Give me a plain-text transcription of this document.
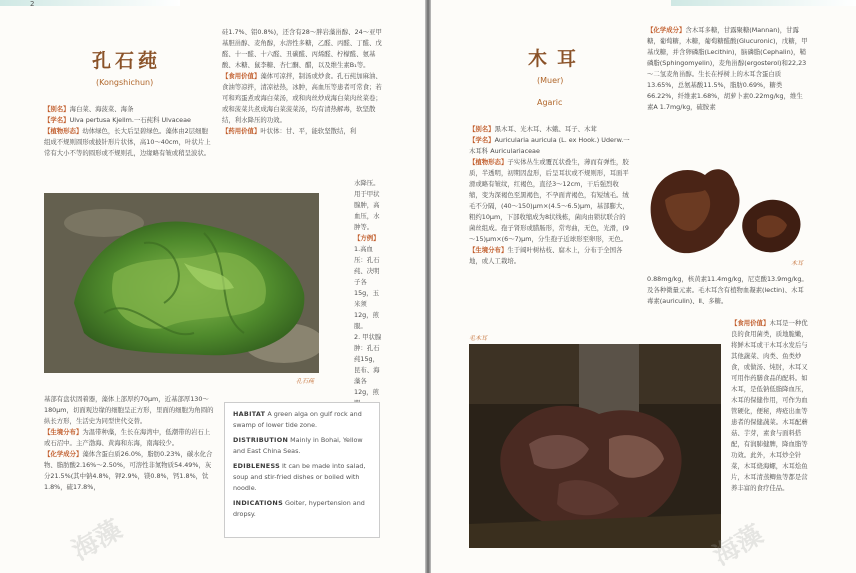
2
孔石莼
(Kongshichun)

【别名】海白菜、海菠菜、海条

【学名】Ulva pertusa Kjellm.一石莼科 Ulvaceae

【植物形态】幼体绿色，长大后呈碧绿色。藻体由2层细胞组成不规则圆形或披针形片状体，高10～40cm，叶状片上常有大小不等的圆形或不规则孔，边缘略有皱或稍呈波状。

硅1.7%、铝0.8%)，还含有28～胖岩藻甾醇、24～亚甲基胆甾醇、麦角醇，水溶性多糖，乙醛、丙醛、丁醛、戊醛、十一醛、十六醛、丑碳醛、丙烯醛、柠檬醛、氨基酸、木糖、鼠李糖、杏仁酮、醋，以及维生素B₁等。

【食用价值】藻体可凉拌，制汤或炒食。孔石莼加麻油、食油等凉拌，清凉祛热，冰肿，高血压等患者可常食；若可和鸡蛋煮或海白菜汤，或和肉丝炒成海白菜肉丝菜卷；或和菠菜共煮成海白菜菠菜汤，均有清热解毒，软坚散结，利水降压的功效。

【药用价值】叶状体：甘、平，能软坚散结，利

水降压。用于甲状腺肿，高血压，水肿等。

【方例】1.高血压：孔石莼、决明子各15g，玉米须12g，煎服。

2. 甲状腺肿：孔石莼15g，昆布、海藻各12g，煎

孔石莼

基部有盘状固着器，藻体上部厚约70μm，近基部厚130～180μm，切面观边缘的细胞呈正方形，里面的细胞为角圆的纵长方形，生活史为同型世代交替。

【生境分布】为温带种藻，生长在海湾中，低潮带的岩石上或石沼中。主产渤海、黄海和东海，南海较少。

【化学成分】藻体含蛋白质26.0%，脂肪0.23%，碳水化合物、脂肪酸2.16%～2.50%，可溶性非氮物质54.49%，灰分21.5%(其中钠4.8%，钾2.9%，镁0.8%，钙1.8%，钛1.8%，硫17.8%，

HABITAT A green alga on gulf rock and swamp of lower tide zone.
DISTRIBUTION Mainly in Bohai, Yellow and East China Seas.
EDIBLENESS It can be made into salad, soup and stir-fried dishes or boiled with noodle.
INDICATIONS Goiter, hypertension and dropsy.
海藻
木耳
(Muer)
Agaric

【化学成分】含木耳多糖，甘露聚糖(Mannan)，甘露糖，葡萄糖，木糖，葡萄糖醛酸(Glucuronic)，戊糖，甲基戊糖，并含卵磷脂(Lecithin)，脑磷脂(Cephalin)，鞘磷脂(Sphingomyelin)，麦角甾醇(ergosterol)和22,23～二氢麦角甾醇。生长在桴树上的木耳含蛋白质13.65%，总氨基酸11.5%，脂肪0.69%，糖类66.22%，纤维素1.68%，胡萝卜素0.22mg/kg，维生素A 1.7mg/kg，硫胺素

【别名】黑木耳、光木耳、木蛾、耳子、木茸

【学名】Auricularia auricula (L. ex Hook.) Uderw.一木耳科 Auriculariaceae

【植物形态】子实体丛生或覆瓦状叠生，薄而有弹性，胶质，半透明，初期因盘形，后呈耳状或不规则形，耳面平滑或略有皱纹，红褐色，直径3～12cm，干后强烈收缩，变为深褐色至黑褐色，不孕面青褐色，有短绒毛。绒毛不分隔，(40～150)μm×(4.5～6.5)μm，基部膨大，粗约10μm，下部收缩成为8状线栋，菌肉由锁状联合的菌丝组成。孢子肾形或腊肠形，常弯曲，无色，光滑，(9～15)μm×(6～7)μm，分生孢子近球形至卵形，无色。

【生境分布】生于阔叶树枯枝、腐木上，分布于全国各地，或人工栽培。	木耳

0.88mg/kg，核黄素11.4mg/kg，尼克酸13.9mg/kg。及各种微量元素。毛木耳含有植物血凝素(lectin)、木耳毒素(auriculin)、Ⅱ、多糖。

毛木耳

【食用价值】木耳是一种优良的食用菌类，质地脆嫩，将鲜木耳或干木耳水发后与其他蔬菜、肉类、鱼类炒食，或做汤、炖肘，木耳又可用作药膳食品的配料。如木耳，是低钠低脂降血压，木耳的保健作用，可作为血管硬化，便秘，痔疮出血等患者的保健蔬菜。木耳配蘑菇、芋芽，素食与面料搭配，有润肺健脾，降血脂等功效。此外，木耳炒全针菜，木耳烧海螺，木耳烩鱼片，木耳清蒸鲫鱼等都是营养丰富的食疗佳品。

海藻
